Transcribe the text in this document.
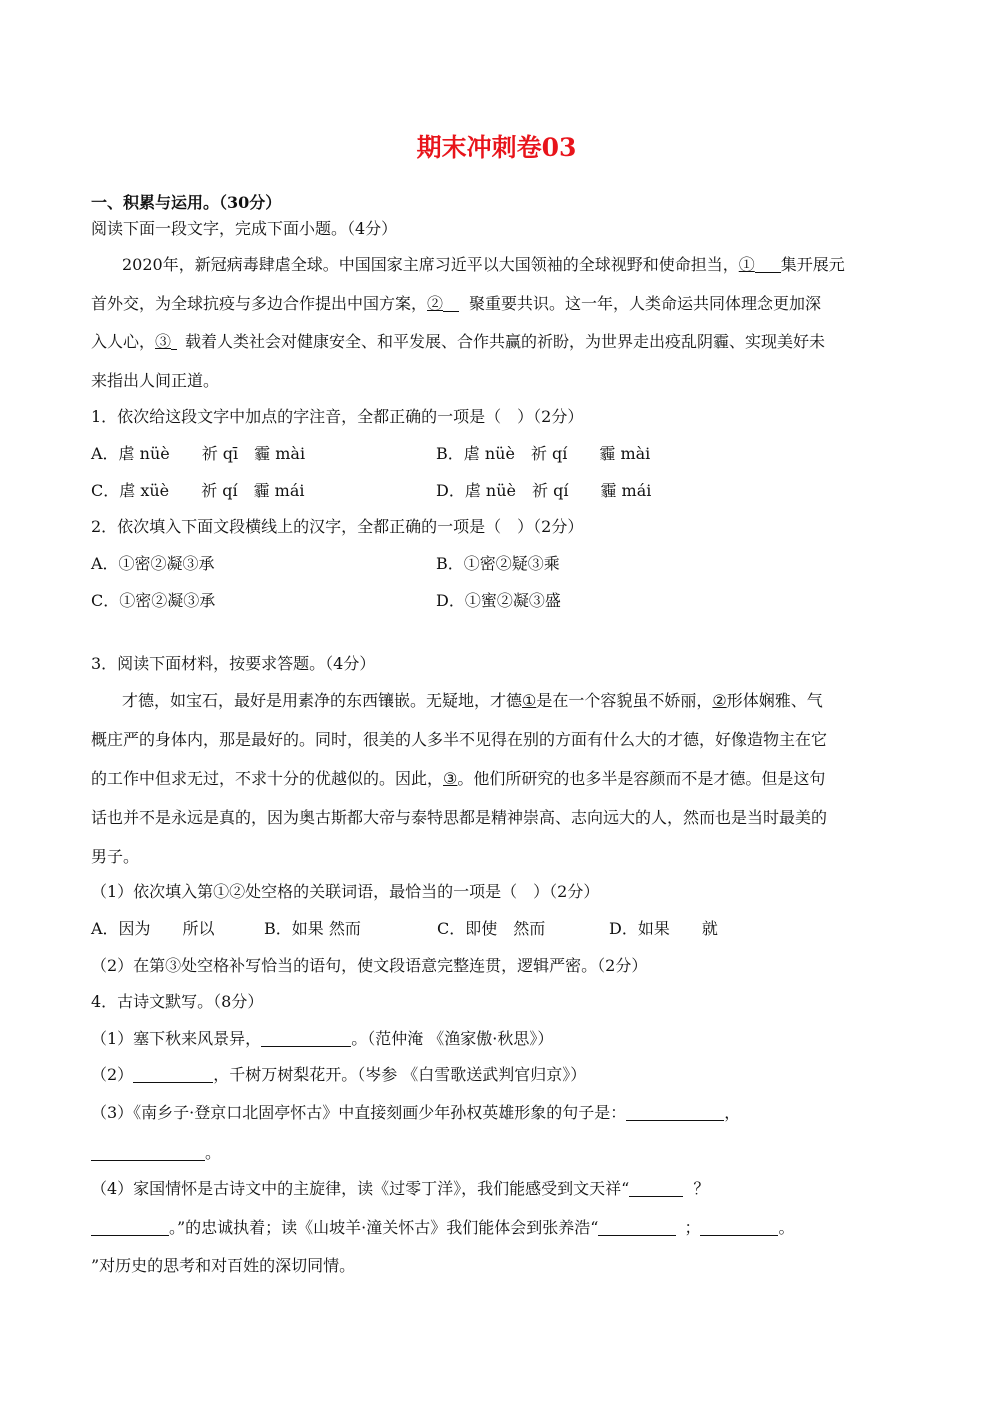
期末冲刺卷03
一、积累与运用。（30分）
阅读下面一段文字，完成下面小题。（4分）
2020年，新冠病毒肆虐全球。中国国家主席习近平以大国领袖的全球视野和使命担当，① 集开展元
首外交，为全球抗疫与多边合作提出中国方案，② 聚重要共识。这一年，人类命运共同体理念更加深
入人心，③ 载着人类社会对健康安全、和平发展、合作共赢的祈盼，为世界走出疫乱阴霾、实现美好未
来指出人间正道。
1．依次给这段文字中加点的字注音，全都正确的一项是（　）（2分）
A．虐 nüè　　祈 qī　霾 mài	B．虐 nüè　祈 qí　　霾 mài
C．虐 xüè　　祈 qí　霾 mái	D．虐 nüè　祈 qí　　霾 mái
2．依次填入下面文段横线上的汉字，全都正确的一项是（　）（2分）
A．①密②凝③承	B．①密②疑③乘
C．①密②凝③承	D．①蜜②凝③盛
3．阅读下面材料，按要求答题。（4分）
才德，如宝石，最好是用素净的东西镶嵌。无疑地，才德①是在一个容貌虽不娇丽，②形体娴雅、气
概庄严的身体内，那是最好的。同时，很美的人多半不见得在别的方面有什么大的才德，好像造物主在它
的工作中但求无过，不求十分的优越似的。因此，③。他们所研究的也多半是容颜而不是才德。但是这句
话也并不是永远是真的，因为奥古斯都大帝与泰特思都是精神崇高、志向远大的人，然而也是当时最美的
男子。
（1）依次填入第①②处空格的关联词语，最恰当的一项是（　）（2分）
A．因为　　所以	B．如果 然而	C．即使　然而	D．如果　　就
（2）在第③处空格补写恰当的语句，使文段语意完整连贯，逻辑严密。（2分）
4．古诗文默写。（8分）
（1）塞下秋来风景异，	。（范仲淹 《渔家傲·秋思》）
（2）	，千树万树梨花开。（岑参 《白雪歌送武判官归京》）
（3）《南乡子·登京口北固亭怀古》中直接刻画少年孙权英雄形象的句子是：	，
。
（4）家国情怀是古诗文中的主旋律，读《过零丁洋》，我们能感受到文天祥“	？
。”的忠诚执着；读《山坡羊·潼关怀古》我们能体会到张养浩“	；	。
”对历史的思考和对百姓的深切同情。
